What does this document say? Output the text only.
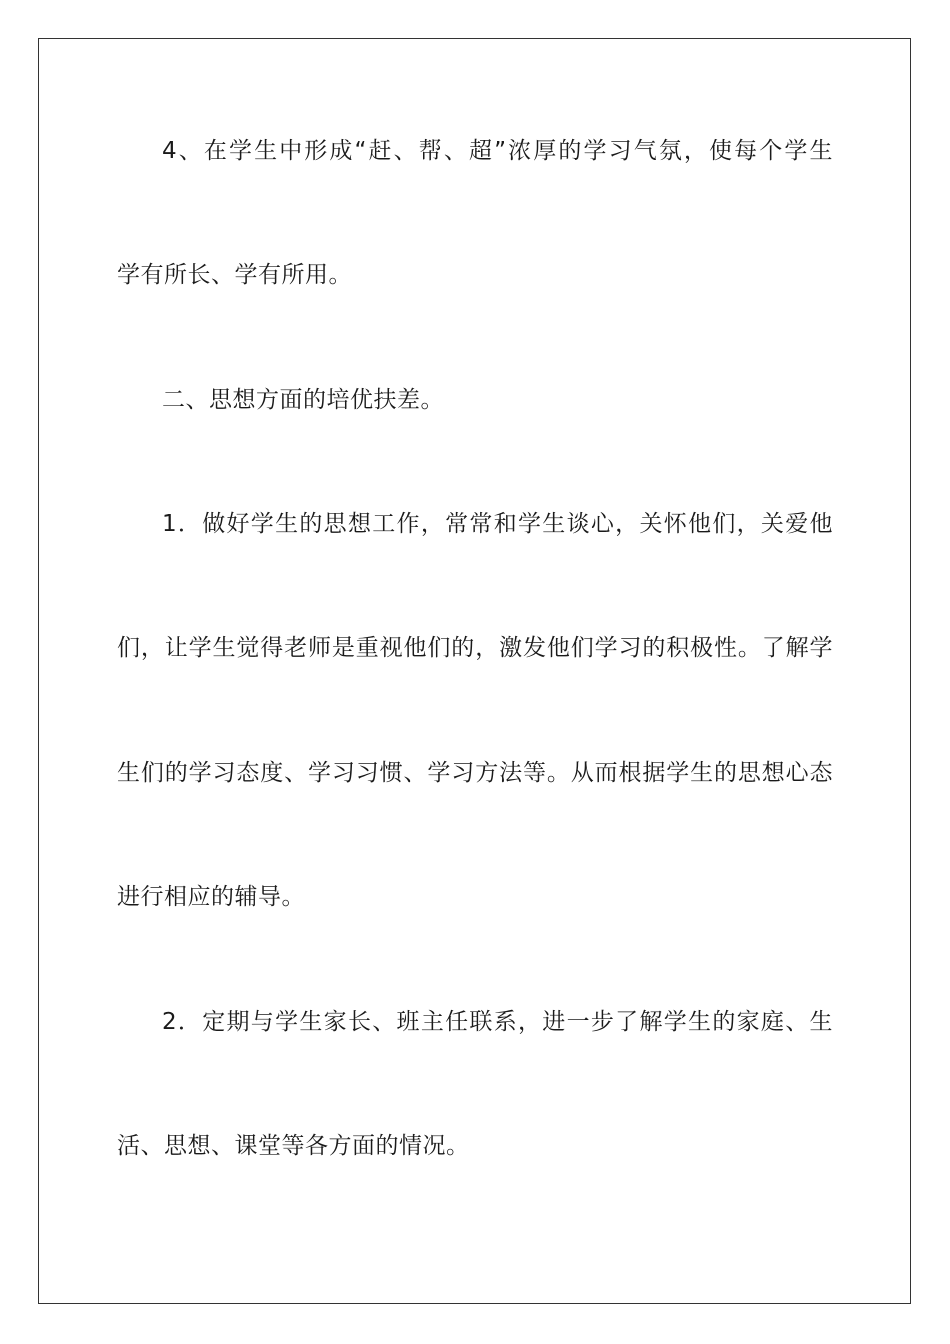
4、在学生中形成“赶、帮、超”浓厚的学习气氛，使每个学生
学有所长、学有所用。
二、思想方面的培优扶差。
1．做好学生的思想工作，常常和学生谈心，关怀他们，关爱他
们，让学生觉得老师是重视他们的，激发他们学习的积极性。了解学
生们的学习态度、学习习惯、学习方法等。从而根据学生的思想心态
进行相应的辅导。
2．定期与学生家长、班主任联系，进一步了解学生的家庭、生
活、思想、课堂等各方面的情况。
